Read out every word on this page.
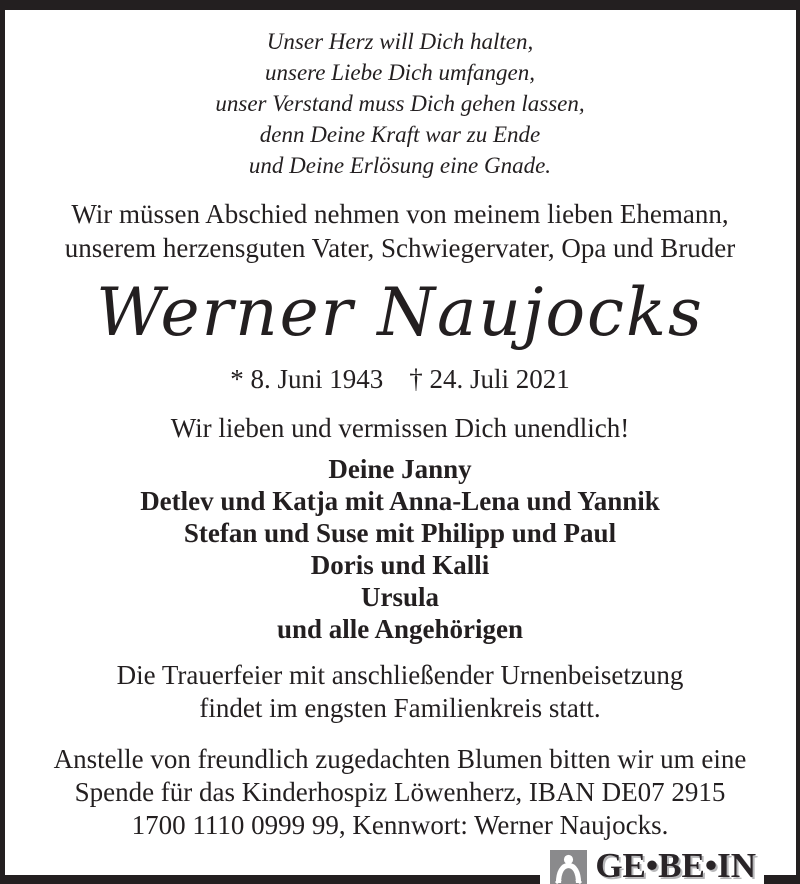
Unser Herz will Dich halten,
unsere Liebe Dich umfangen,
unser Verstand muss Dich gehen lassen,
denn Deine Kraft war zu Ende
und Deine Erlösung eine Gnade.
Wir müssen Abschied nehmen von meinem lieben Ehemann,
unserem herzensguten Vater, Schwiegervater, Opa und Bruder
Werner Naujocks
* 8. Juni 1943 † 24. Juli 2021
Wir lieben und vermissen Dich unendlich!
Deine Janny
Detlev und Katja mit Anna-Lena und Yannik
Stefan und Suse mit Philipp und Paul
Doris und Kalli
Ursula
und alle Angehörigen
Die Trauerfeier mit anschließender Urnenbeisetzung
findet im engsten Familienkreis statt.
Anstelle von freundlich zugedachten Blumen bitten wir um eine
Spende für das Kinderhospiz Löwenherz, IBAN DE07 2915
1700 1110 0999 99, Kennwort: Werner Naujocks.
GE•BE•IN
